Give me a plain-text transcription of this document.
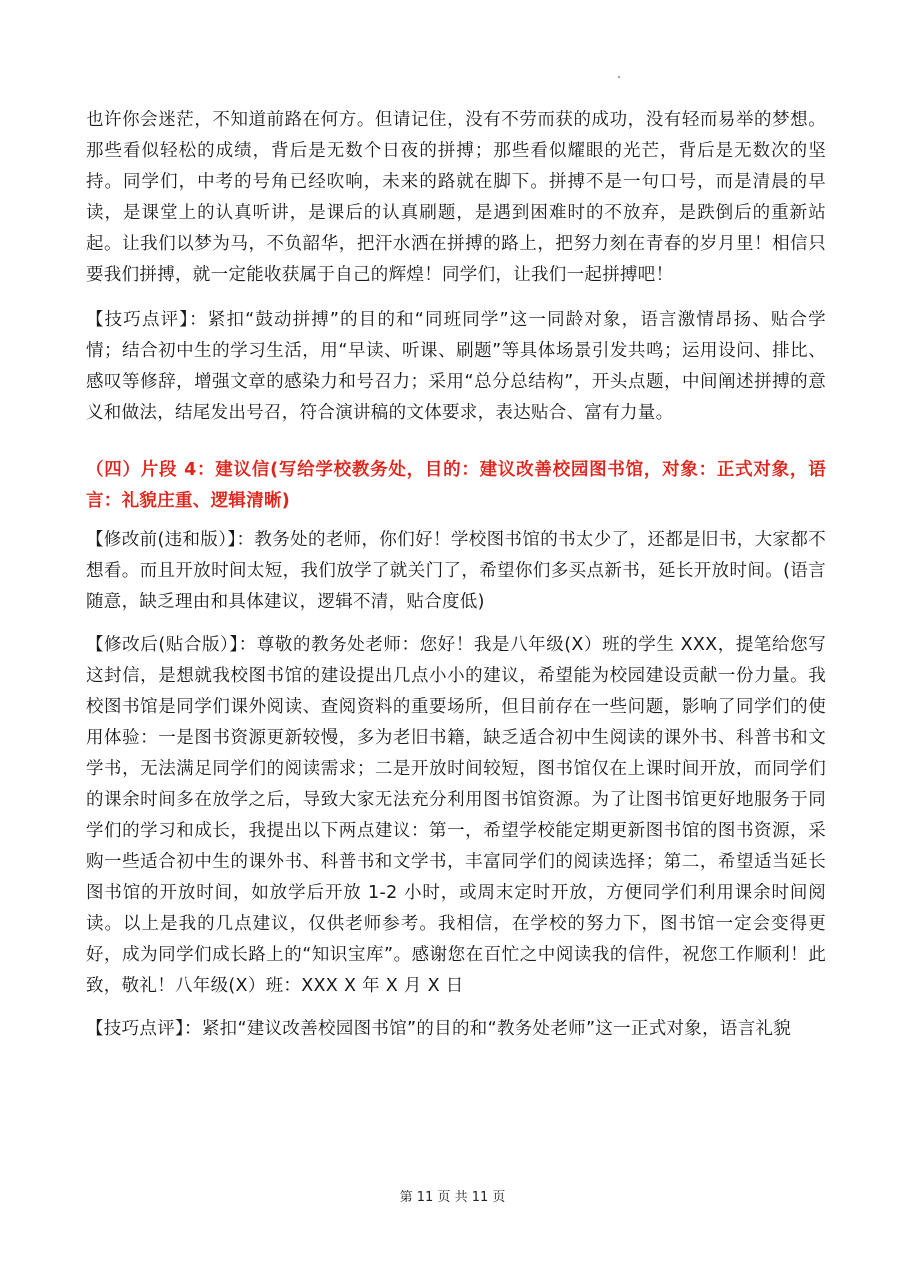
也许你会迷茫，不知道前路在何方。但请记住，没有不劳而获的成功，没有轻而易举的梦想。那些看似轻松的成绩，背后是无数个日夜的拼搏；那些看似耀眼的光芒，背后是无数次的坚持。同学们，中考的号角已经吹响，未来的路就在脚下。拼搏不是一句口号，而是清晨的早读，是课堂上的认真听讲，是课后的认真刷题，是遇到困难时的不放弃，是跌倒后的重新站起。让我们以梦为马，不负韶华，把汗水洒在拼搏的路上，把努力刻在青春的岁月里！相信只要我们拼搏，就一定能收获属于自己的辉煌！同学们，让我们一起拼搏吧！

【技巧点评】：紧扣“鼓动拼搏”的目的和“同班同学”这一同龄对象，语言激情昂扬、贴合学情；结合初中生的学习生活，用“早读、听课、刷题”等具体场景引发共鸣；运用设问、排比、感叹等修辞，增强文章的感染力和号召力；采用“总分总结构”，开头点题，中间阐述拼搏的意义和做法，结尾发出号召，符合演讲稿的文体要求，表达贴合、富有力量。

（四）片段 4：建议信(写给学校教务处，目的：建议改善校园图书馆，对象：正式对象，语言：礼貌庄重、逻辑清晰)

【修改前(违和版）】：教务处的老师，你们好！学校图书馆的书太少了，还都是旧书，大家都不想看。而且开放时间太短，我们放学了就关门了，希望你们多买点新书，延长开放时间。(语言随意，缺乏理由和具体建议，逻辑不清，贴合度低)

【修改后(贴合版）】：尊敬的教务处老师：您好！我是八年级(X）班的学生 XXX，提笔给您写这封信，是想就我校图书馆的建设提出几点小小的建议，希望能为校园建设贡献一份力量。我校图书馆是同学们课外阅读、查阅资料的重要场所，但目前存在一些问题，影响了同学们的使用体验：一是图书资源更新较慢，多为老旧书籍，缺乏适合初中生阅读的课外书、科普书和文学书，无法满足同学们的阅读需求；二是开放时间较短，图书馆仅在上课时间开放，而同学们的课余时间多在放学之后，导致大家无法充分利用图书馆资源。为了让图书馆更好地服务于同学们的学习和成长，我提出以下两点建议：第一，希望学校能定期更新图书馆的图书资源，采购一些适合初中生的课外书、科普书和文学书，丰富同学们的阅读选择；第二，希望适当延长图书馆的开放时间，如放学后开放 1-2 小时，或周末定时开放，方便同学们利用课余时间阅读。以上是我的几点建议，仅供老师参考。我相信，在学校的努力下，图书馆一定会变得更好，成为同学们成长路上的“知识宝库”。感谢您在百忙之中阅读我的信件，祝您工作顺利！此致，敬礼！八年级(X）班：XXX X 年 X 月 X 日

【技巧点评】：紧扣“建议改善校园图书馆”的目的和“教务处老师”这一正式对象，语言礼貌

第 11 页 共 11 页
